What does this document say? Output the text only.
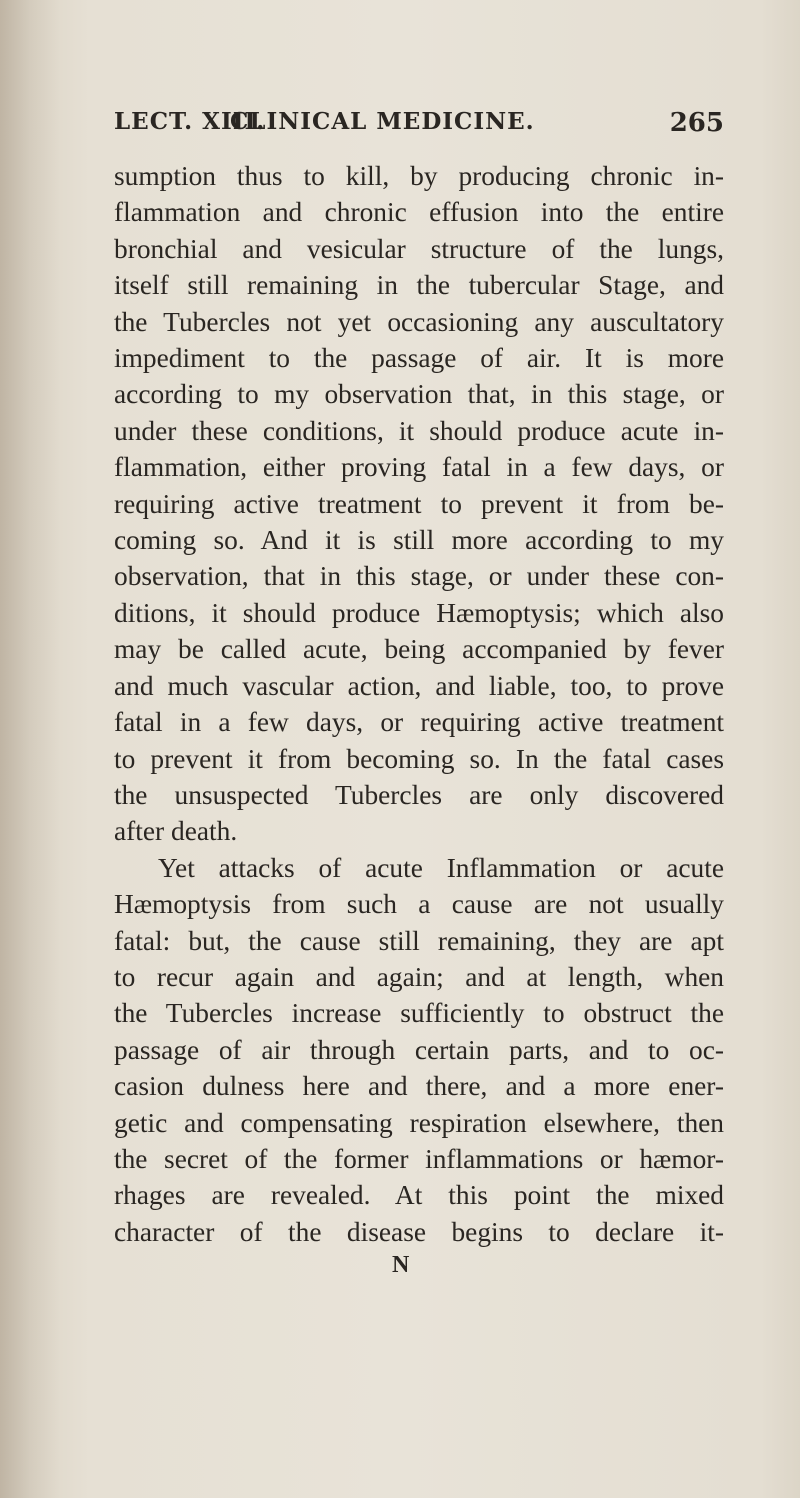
LECT. XIII.
CLINICAL MEDICINE.	265
sumption thus to kill, by producing chronic in-
flammation and chronic effusion into the entire
bronchial and vesicular structure of the lungs,
itself still remaining in the tubercular Stage, and
the Tubercles not yet occasioning any auscultatory
impediment to the passage of air. It is more
according to my observation that, in this stage, or
under these conditions, it should produce acute in-
flammation, either proving fatal in a few days, or
requiring active treatment to prevent it from be-
coming so. And it is still more according to my
observation, that in this stage, or under these con-
ditions, it should produce Hæmoptysis; which also
may be called acute, being accompanied by fever
and much vascular action, and liable, too, to prove
fatal in a few days, or requiring active treatment
to prevent it from becoming so. In the fatal cases
the unsuspected Tubercles are only discovered
after death.
Yet attacks of acute Inflammation or acute
Hæmoptysis from such a cause are not usually
fatal: but, the cause still remaining, they are apt
to recur again and again; and at length, when
the Tubercles increase sufficiently to obstruct the
passage of air through certain parts, and to oc-
casion dulness here and there, and a more ener-
getic and compensating respiration elsewhere, then
the secret of the former inflammations or hæmor-
rhages are revealed. At this point the mixed
character of the disease begins to declare it-
N
